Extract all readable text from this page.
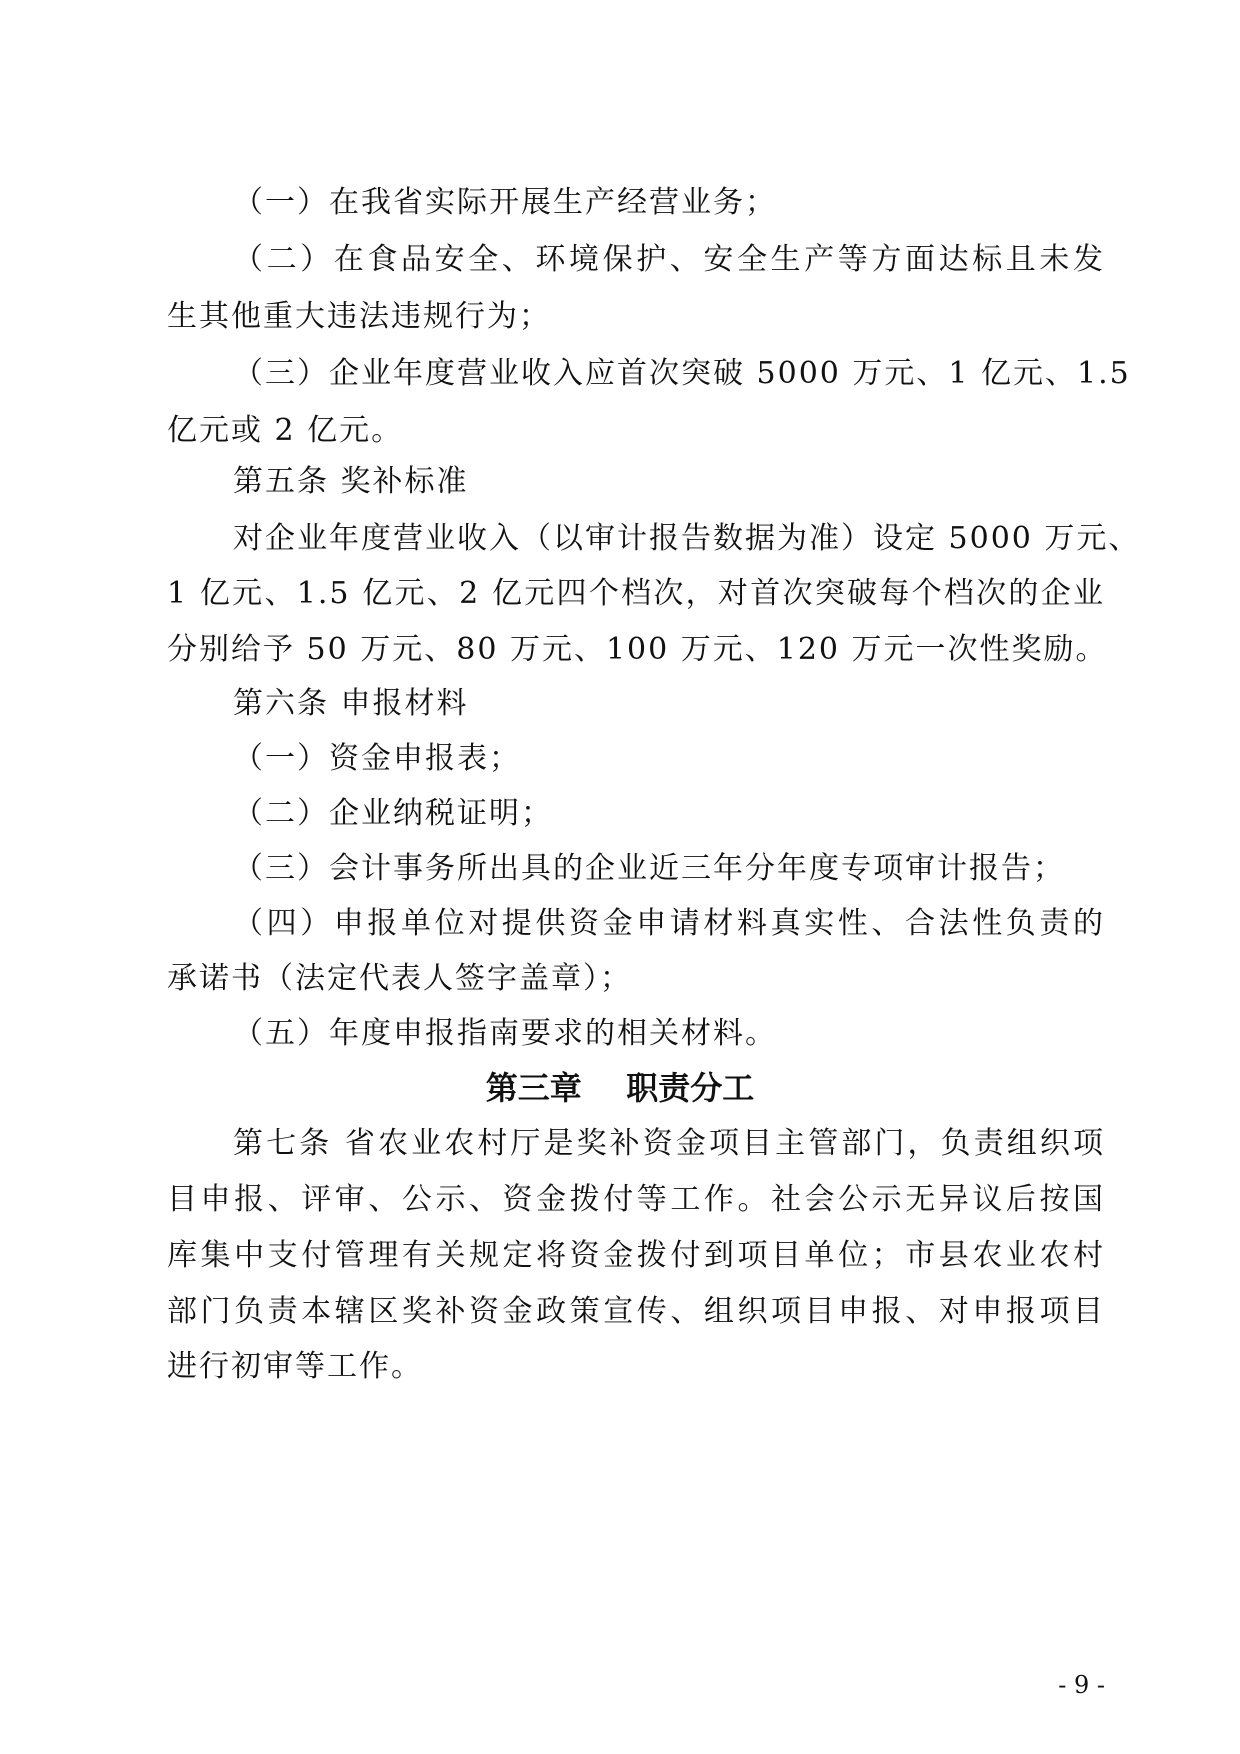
（一）在我省实际开展生产经营业务；
（二）在食品安全、环境保护、安全生产等方面达标且未发
生其他重大违法违规行为；
（三）企业年度营业收入应首次突破 5000 万元、1 亿元、1.5
亿元或 2 亿元。
第五条 奖补标准
对企业年度营业收入（以审计报告数据为准）设定 5000 万元、
1 亿元、1.5 亿元、2 亿元四个档次，对首次突破每个档次的企业
分别给予 50 万元、80 万元、100 万元、120 万元一次性奖励。
第六条 申报材料
（一）资金申报表；
（二）企业纳税证明；
（三）会计事务所出具的企业近三年分年度专项审计报告；
（四）申报单位对提供资金申请材料真实性、合法性负责的
承诺书（法定代表人签字盖章）；
（五）年度申报指南要求的相关材料。
第三章    职责分工
第七条 省农业农村厅是奖补资金项目主管部门，负责组织项
目申报、评审、公示、资金拨付等工作。社会公示无异议后按国
库集中支付管理有关规定将资金拨付到项目单位；市县农业农村
部门负责本辖区奖补资金政策宣传、组织项目申报、对申报项目
进行初审等工作。
- 9 -
